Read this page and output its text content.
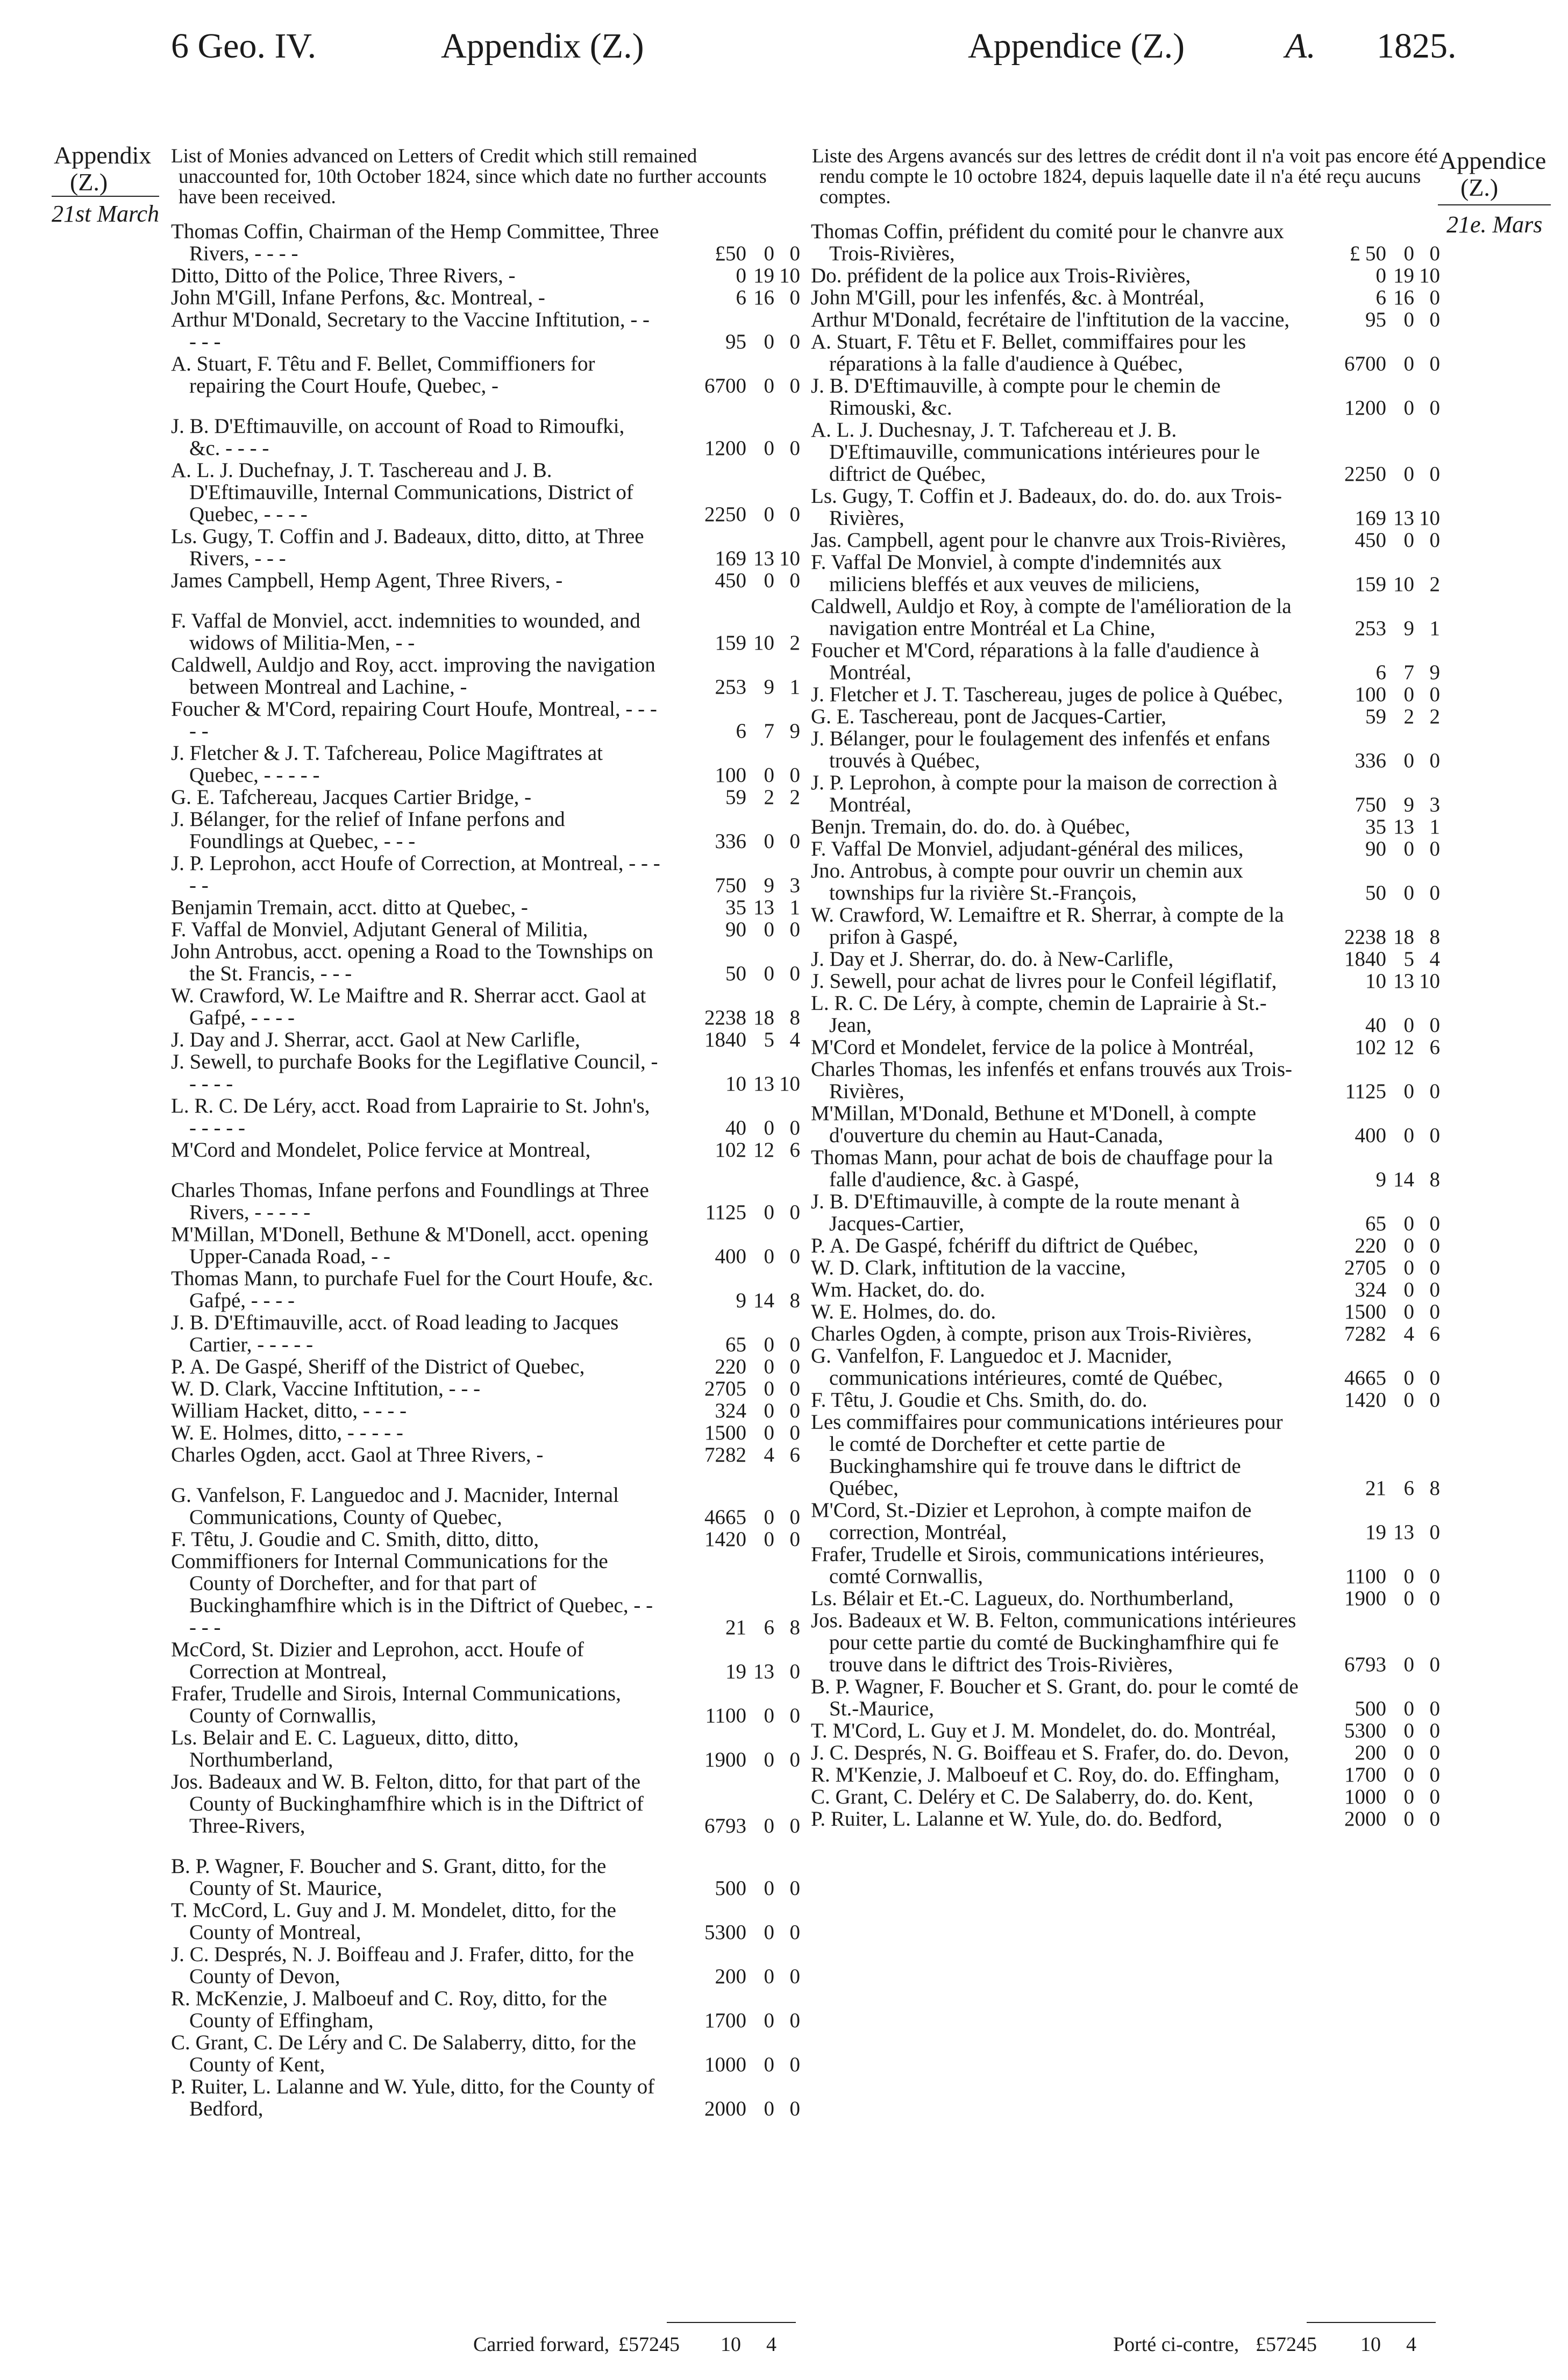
6 Geo. IV.	Appendix (Z.)	Appendice (Z.)	A. 1825.
Appendix
(Z.)
21st March
Appendice
(Z.)
21e. Mars
List of Monies advanced on Letters of Credit which still remained unaccounted for, 10th October 1824, since which date no further accounts have been received.
Liste des Argens avancés sur des lettres de crédit dont il n'a voit pas encore été rendu compte le 10 octobre 1824, depuis laquelle date il n'a été reçu aucuns comptes.
Thomas Coffin, Chairman of the Hemp Committee, Three Rivers, - - - -	£50 0 0
Ditto, Ditto of the Police, Three Rivers, -	0 19 10
John M'Gill, Infane Perfons, &c. Montreal, -	6 16 0
Arthur M'Donald, Secretary to the Vaccine Inftitution, - - - - -	95 0 0
A. Stuart, F. Têtu and F. Bellet, Commiffioners for repairing the Court Houfe, Quebec, -	6700 0 0
J. B. D'Eftimauville, on account of Road to Rimoufki, &c. - - - -	1200 0 0
A. L. J. Duchefnay, J. T. Taschereau and J. B. D'Eftimauville, Internal Communications, District of Quebec, - - - -	2250 0 0
Ls. Gugy, T. Coffin and J. Badeaux, ditto, ditto, at Three Rivers, - - -	169 13 10
James Campbell, Hemp Agent, Three Rivers, -	450 0 0
F. Vaffal de Monviel, acct. indemnities to wounded, and widows of Militia-Men, - -	159 10 2
Caldwell, Auldjo and Roy, acct. improving the navigation between Montreal and Lachine, -	253 9 1
Foucher & M'Cord, repairing Court Houfe, Montreal, - - - - -	6 7 9
J. Fletcher & J. T. Tafchereau, Police Magiftrates at Quebec, - - - - -	100 0 0
G. E. Tafchereau, Jacques Cartier Bridge, -	59 2 2
J. Bélanger, for the relief of Infane perfons and Foundlings at Quebec, - - -	336 0 0
J. P. Leprohon, acct Houfe of Correction, at Montreal, - - - - -	750 9 3
Benjamin Tremain, acct. ditto at Quebec, -	35 13 1
F. Vaffal de Monviel, Adjutant General of Militia,	90 0 0
John Antrobus, acct. opening a Road to the Townships on the St. Francis, - - -	50 0 0
W. Crawford, W. Le Maiftre and R. Sherrar acct. Gaol at Gafpé, - - - -	2238 18 8
J. Day and J. Sherrar, acct. Gaol at New Carlifle,	1840 5 4
J. Sewell, to purchafe Books for the Legiflative Council, - - - - -	10 13 10
L. R. C. De Léry, acct. Road from Laprairie to St. John's, - - - - -	40 0 0
M'Cord and Mondelet, Police fervice at Montreal,	102 12 6
Charles Thomas, Infane perfons and Foundlings at Three Rivers, - - - - -	1125 0 0
M'Millan, M'Donell, Bethune & M'Donell, acct. opening Upper-Canada Road, - -	400 0 0
Thomas Mann, to purchafe Fuel for the Court Houfe, &c. Gafpé, - - - -	9 14 8
J. B. D'Eftimauville, acct. of Road leading to Jacques Cartier, - - - - -	65 0 0
P. A. De Gaspé, Sheriff of the District of Quebec,	220 0 0
W. D. Clark, Vaccine Inftitution, - - -	2705 0 0
William Hacket, ditto, - - - -	324 0 0
W. E. Holmes, ditto, - - - - -	1500 0 0
Charles Ogden, acct. Gaol at Three Rivers, -	7282 4 6
G. Vanfelson, F. Languedoc and J. Macnider, Internal Communications, County of Quebec,	4665 0 0
F. Têtu, J. Goudie and C. Smith, ditto, ditto,	1420 0 0
Commiffioners for Internal Communications for the County of Dorchefter, and for that part of Buckinghamfhire which is in the Diftrict of Quebec, - - - - -	21 6 8
McCord, St. Dizier and Leprohon, acct. Houfe of Correction at Montreal,	19 13 0
Frafer, Trudelle and Sirois, Internal Communications, County of Cornwallis,	1100 0 0
Ls. Belair and E. C. Lagueux, ditto, ditto, Northumberland,	1900 0 0
Jos. Badeaux and W. B. Felton, ditto, for that part of the County of Buckinghamfhire which is in the Diftrict of Three-Rivers,	6793 0 0
B. P. Wagner, F. Boucher and S. Grant, ditto, for the County of St. Maurice,	500 0 0
T. McCord, L. Guy and J. M. Mondelet, ditto, for the County of Montreal,	5300 0 0
J. C. Després, N. J. Boiffeau and J. Frafer, ditto, for the County of Devon,	200 0 0
R. McKenzie, J. Malboeuf and C. Roy, ditto, for the County of Effingham,	1700 0 0
C. Grant, C. De Léry and C. De Salaberry, ditto, for the County of Kent,	1000 0 0
P. Ruiter, L. Lalanne and W. Yule, ditto, for the County of Bedford,	2000 0 0
Thomas Coffin, préfident du comité pour le chanvre aux Trois-Rivières,	£ 50 0 0
Do. préfident de la police aux Trois-Rivières,	0 19 10
John M'Gill, pour les infenfés, &c. à Montréal,	6 16 0
Arthur M'Donald, fecrétaire de l'inftitution de la vaccine,	95 0 0
A. Stuart, F. Têtu et F. Bellet, commiffaires pour les réparations à la falle d'audience à Québec,	6700 0 0
J. B. D'Eftimauville, à compte pour le chemin de Rimouski, &c.	1200 0 0
A. L. J. Duchesnay, J. T. Tafchereau et J. B. D'Eftimauville, communications intérieures pour le diftrict de Québec,	2250 0 0
Ls. Gugy, T. Coffin et J. Badeaux, do. do. do. aux Trois-Rivières,	169 13 10
Jas. Campbell, agent pour le chanvre aux Trois-Rivières,	450 0 0
F. Vaffal De Monviel, à compte d'indemnités aux miliciens bleffés et aux veuves de miliciens,	159 10 2
Caldwell, Auldjo et Roy, à compte de l'amélioration de la navigation entre Montréal et La Chine,	253 9 1
Foucher et M'Cord, réparations à la falle d'audience à Montréal,	6 7 9
J. Fletcher et J. T. Taschereau, juges de police à Québec,	100 0 0
G. E. Taschereau, pont de Jacques-Cartier,	59 2 2
J. Bélanger, pour le foulagement des infenfés et enfans trouvés à Québec,	336 0 0
J. P. Leprohon, à compte pour la maison de correction à Montréal,	750 9 3
Benjn. Tremain, do. do. do. à Québec,	35 13 1
F. Vaffal De Monviel, adjudant-général des milices,	90 0 0
Jno. Antrobus, à compte pour ouvrir un chemin aux townships fur la rivière St.-François,	50 0 0
W. Crawford, W. Lemaiftre et R. Sherrar, à compte de la prifon à Gaspé,	2238 18 8
J. Day et J. Sherrar, do. do. à New-Carlifle,	1840 5 4
J. Sewell, pour achat de livres pour le Confeil légiflatif,	10 13 10
L. R. C. De Léry, à compte, chemin de Laprairie à St.-Jean,	40 0 0
M'Cord et Mondelet, fervice de la police à Montréal,	102 12 6
Charles Thomas, les infenfés et enfans trouvés aux Trois-Rivières,	1125 0 0
M'Millan, M'Donald, Bethune et M'Donell, à compte d'ouverture du chemin au Haut-Canada,	400 0 0
Thomas Mann, pour achat de bois de chauffage pour la falle d'audience, &c. à Gaspé,	9 14 8
J. B. D'Eftimauville, à compte de la route menant à Jacques-Cartier,	65 0 0
P. A. De Gaspé, fchériff du diftrict de Québec,	220 0 0
W. D. Clark, inftitution de la vaccine,	2705 0 0
Wm. Hacket, do. do.	324 0 0
W. E. Holmes, do. do.	1500 0 0
Charles Ogden, à compte, prison aux Trois-Rivières,	7282 4 6
G. Vanfelfon, F. Languedoc et J. Macnider, communications intérieures, comté de Québec,	4665 0 0
F. Têtu, J. Goudie et Chs. Smith, do. do.	1420 0 0
Les commiffaires pour communications intérieures pour le comté de Dorchefter et cette partie de Buckinghamshire qui fe trouve dans le diftrict de Québec,	21 6 8
M'Cord, St.-Dizier et Leprohon, à compte maifon de correction, Montréal,	19 13 0
Frafer, Trudelle et Sirois, communications intérieures, comté Cornwallis,	1100 0 0
Ls. Bélair et Et.-C. Lagueux, do. Northumberland,	1900 0 0
Jos. Badeaux et W. B. Felton, communications intérieures pour cette partie du comté de Buckinghamfhire qui fe trouve dans le diftrict des Trois-Rivières,	6793 0 0
B. P. Wagner, F. Boucher et S. Grant, do. pour le comté de St.-Maurice,	500 0 0
T. M'Cord, L. Guy et J. M. Mondelet, do. do. Montréal,	5300 0 0
J. C. Després, N. G. Boiffeau et S. Frafer, do. do. Devon,	200 0 0
R. M'Kenzie, J. Malboeuf et C. Roy, do. do. Effingham,	1700 0 0
C. Grant, C. Deléry et C. De Salaberry, do. do. Kent,	1000 0 0
P. Ruiter, L. Lalanne et W. Yule, do. do. Bedford,	2000 0 0
Carried forward, £57245 10 4	Porté ci-contre, £57245 10 4
